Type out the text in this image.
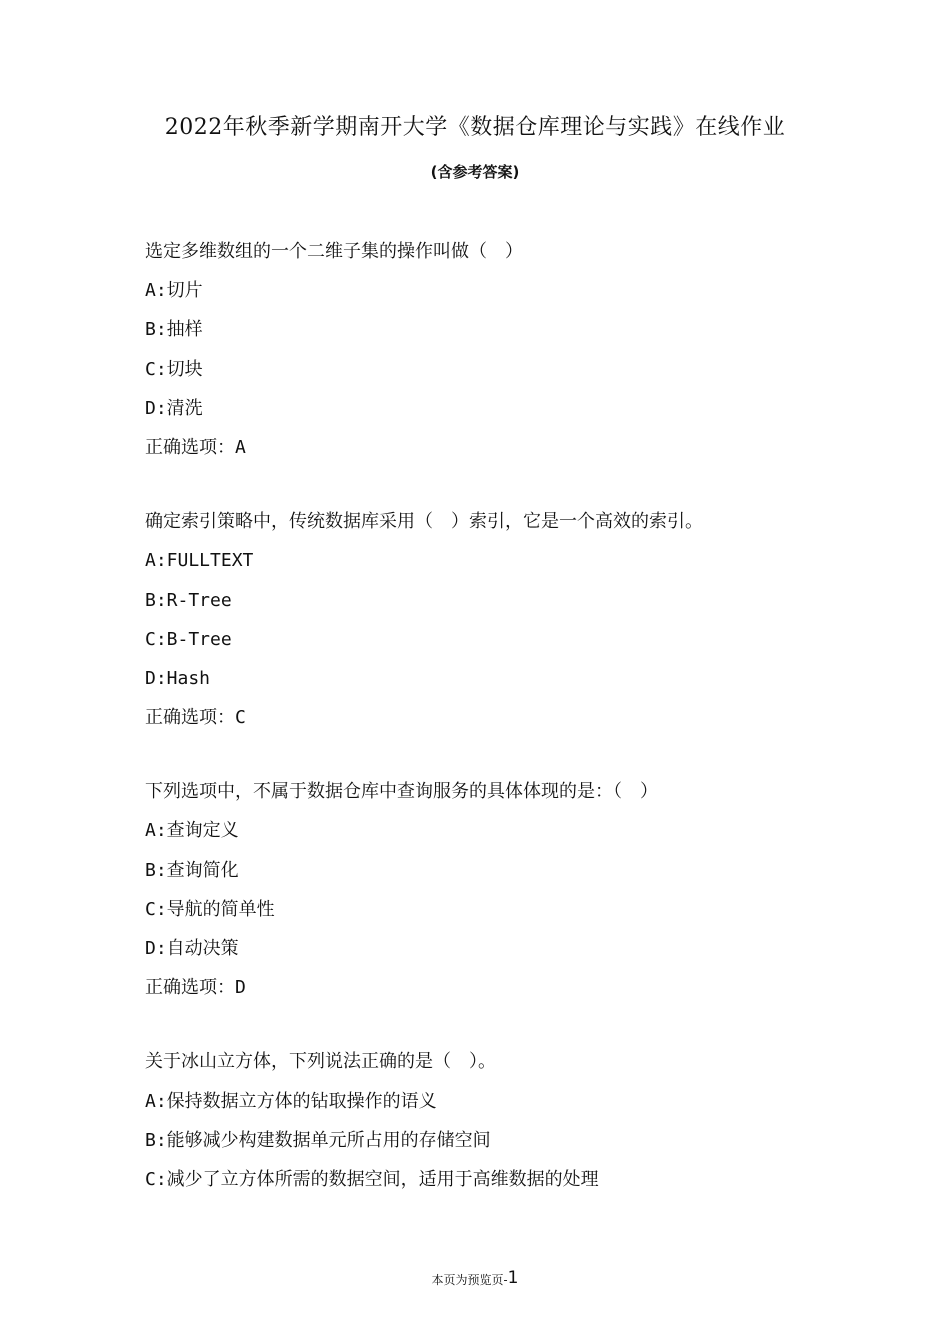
2022年秋季新学期南开大学《数据仓库理论与实践》在线作业
(含参考答案)
选定多维数组的一个二维子集的操作叫做（　）
A:切片
B:抽样
C:切块
D:清洗
正确选项：A
确定索引策略中，传统数据库采用（　）索引，它是一个高效的索引。
A:FULLTEXT
B:R-Tree
C:B-Tree
D:Hash
正确选项：C
下列选项中，不属于数据仓库中查询服务的具体体现的是：（　）
A:查询定义
B:查询简化
C:导航的简单性
D:自动决策
正确选项：D
关于冰山立方体，下列说法正确的是（　）。
A:保持数据立方体的钻取操作的语义
B:能够减少构建数据单元所占用的存储空间
C:减少了立方体所需的数据空间，适用于高维数据的处理
本页为预览页-1
